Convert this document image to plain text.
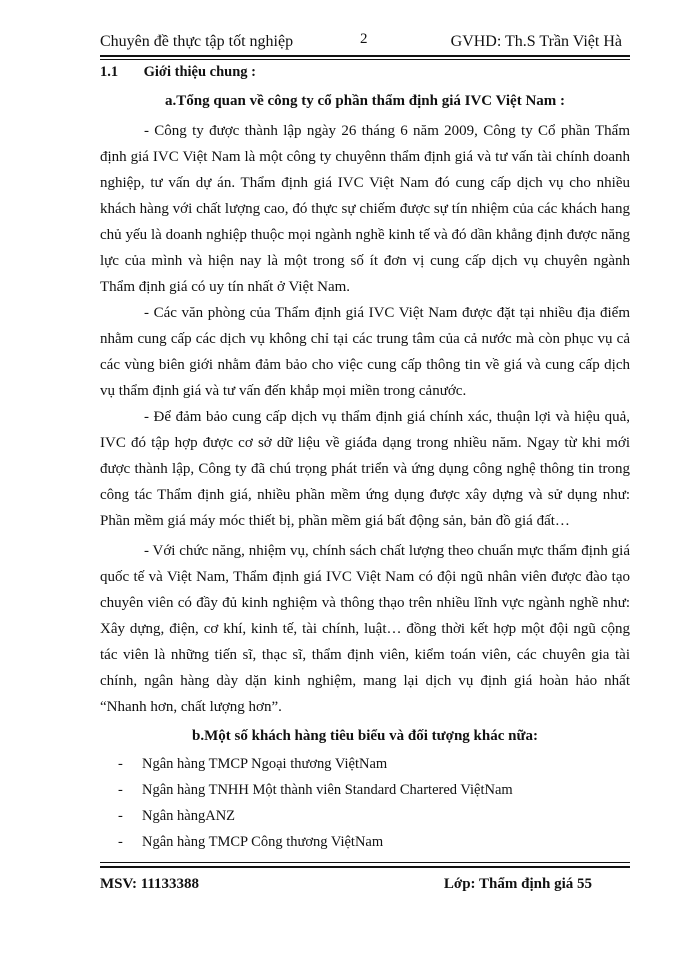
Chuyên đề thực tập tốt nghiệp	2	GVHD: Th.S Trần Việt Hà
1.1 Giới thiệu chung :
a.Tổng quan về công ty cổ phần thẩm định giá IVC Việt Nam :

- Công ty được thành lập ngày 26 tháng 6 năm 2009, Công ty Cổ phần Thẩm định giá IVC Việt Nam là một công ty chuyênn thẩm định giá và tư vấn tài chính doanh nghiệp, tư vấn dự án. Thẩm định giá IVC Việt Nam đó cung cấp dịch vụ cho nhiều khách hàng với chất lượng cao, đó thực sự chiếm được sự tín nhiệm của các khách hang chủ yếu là doanh nghiệp thuộc mọi ngành nghề kinh tế và đó dần khẳng định được năng lực của mình và hiện nay là một trong số ít đơn vị cung cấp dịch vụ chuyên ngành Thẩm định giá có uy tín nhất ở Việt Nam.

- Các văn phòng của Thẩm định giá IVC Việt Nam được đặt tại nhiều địa điểm nhằm cung cấp các dịch vụ không chỉ tại các trung tâm của cả nước mà còn phục vụ cả các vùng biên giới nhằm đảm bảo cho việc cung cấp thông tin về giá và cung cấp dịch vụ thẩm định giá và tư vấn đến khắp mọi miền trong cảnước.

- Để đảm bảo cung cấp dịch vụ thẩm định giá chính xác, thuận lợi và hiệu quả, IVC đó tập hợp được cơ sở dữ liệu về giáđa dạng trong nhiều năm. Ngay từ khi mới được thành lập, Công ty đã chú trọng phát triển và ứng dụng công nghệ thông tin trong công tác Thẩm định giá, nhiều phần mềm ứng dụng được xây dựng và sử dụng như: Phần mềm giá máy móc thiết bị, phần mềm giá bất động sản, bản đồ giá đất…

- Với chức năng, nhiệm vụ, chính sách chất lượng theo chuẩn mực thẩm định giá quốc tế và Việt Nam, Thẩm định giá IVC Việt Nam có đội ngũ nhân viên được đào tạo chuyên viên có đầy đủ kinh nghiệm và thông thạo trên nhiều lĩnh vực ngành nghề như: Xây dựng, điện, cơ khí, kinh tế, tài chính, luật… đồng thời kết hợp một đội ngũ cộng tác viên là những tiến sĩ, thạc sĩ, thẩm định viên, kiểm toán viên, các chuyên gia tài chính, ngân hàng dày dặn kinh nghiệm, mang lại dịch vụ định giá hoàn hảo nhất “Nhanh hơn, chất lượng hơn”.

b.Một số khách hàng tiêu biểu và đối tượng khác nữa:
- Ngân hàng TMCP Ngoại thương ViệtNam
- Ngân hàng TNHH Một thành viên Standard Chartered ViệtNam
- Ngân hàngANZ
- Ngân hàng TMCP Công thương ViệtNam
MSV: 11133388	Lớp: Thẩm định giá 55
